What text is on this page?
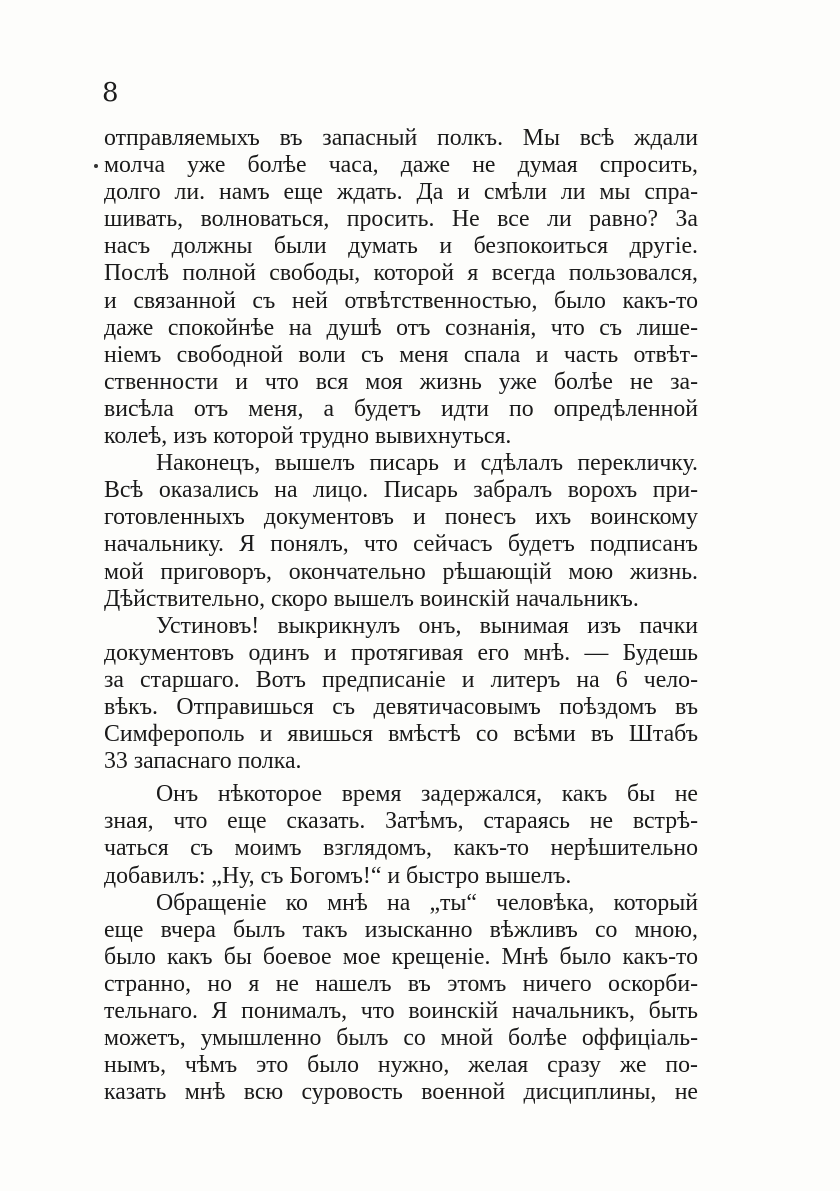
8
отправляемыхъ въ запасный полкъ. Мы всѣ ждали
молча уже болѣе часа, даже не думая спросить,
долго ли. намъ еще ждать. Да и смѣли ли мы спра-
шивать, волноваться, просить. Не все ли равно? За
насъ должны были думать и безпокоиться другіе.
Послѣ полной свободы, которой я всегда пользовался,
и связанной съ ней отвѣтственностью, было какъ-то
даже спокойнѣе на душѣ отъ сознанія, что съ лише-
ніемъ свободной воли съ меня спала и часть отвѣт-
ственности и что вся моя жизнь уже болѣе не за-
висѣла отъ меня, а будетъ идти по опредѣленной
колеѣ, изъ которой трудно вывихнуться.
Наконецъ, вышелъ писарь и сдѣлалъ перекличку.
Всѣ оказались на лицо. Писарь забралъ ворохъ при-
готовленныхъ документовъ и понесъ ихъ воинскому
начальнику. Я понялъ, что сейчасъ будетъ подписанъ
мой приговоръ, окончательно рѣшающій мою жизнь.
Дѣйствительно, скоро вышелъ воинскій начальникъ.
Устиновъ! выкрикнулъ онъ, вынимая изъ пачки
документовъ одинъ и протягивая его мнѣ. — Будешь
за старшаго. Вотъ предписаніе и литеръ на 6 чело-
вѣкъ. Отправишься съ девятичасовымъ поѣздомъ въ
Симферополь и явишься вмѣстѣ со всѣми въ Штабъ
33 запаснаго полка.
Онъ нѣкоторое время задержался, какъ бы не
зная, что еще сказать. Затѣмъ, стараясь не встрѣ-
чаться съ моимъ взглядомъ, какъ-то нерѣшительно
добавилъ: „Ну, съ Богомъ!“ и быстро вышелъ.
Обращеніе ко мнѣ на „ты“ человѣка, который
еще вчера былъ такъ изысканно вѣжливъ со мною,
было какъ бы боевое мое крещеніе. Мнѣ было какъ-то
странно, но я не нашелъ въ этомъ ничего оскорби-
тельнаго. Я понималъ, что воинскій начальникъ, быть
можетъ, умышленно былъ со мной болѣе оффиціаль-
нымъ, чѣмъ это было нужно, желая сразу же по-
казать мнѣ всю суровость военной дисциплины, не
